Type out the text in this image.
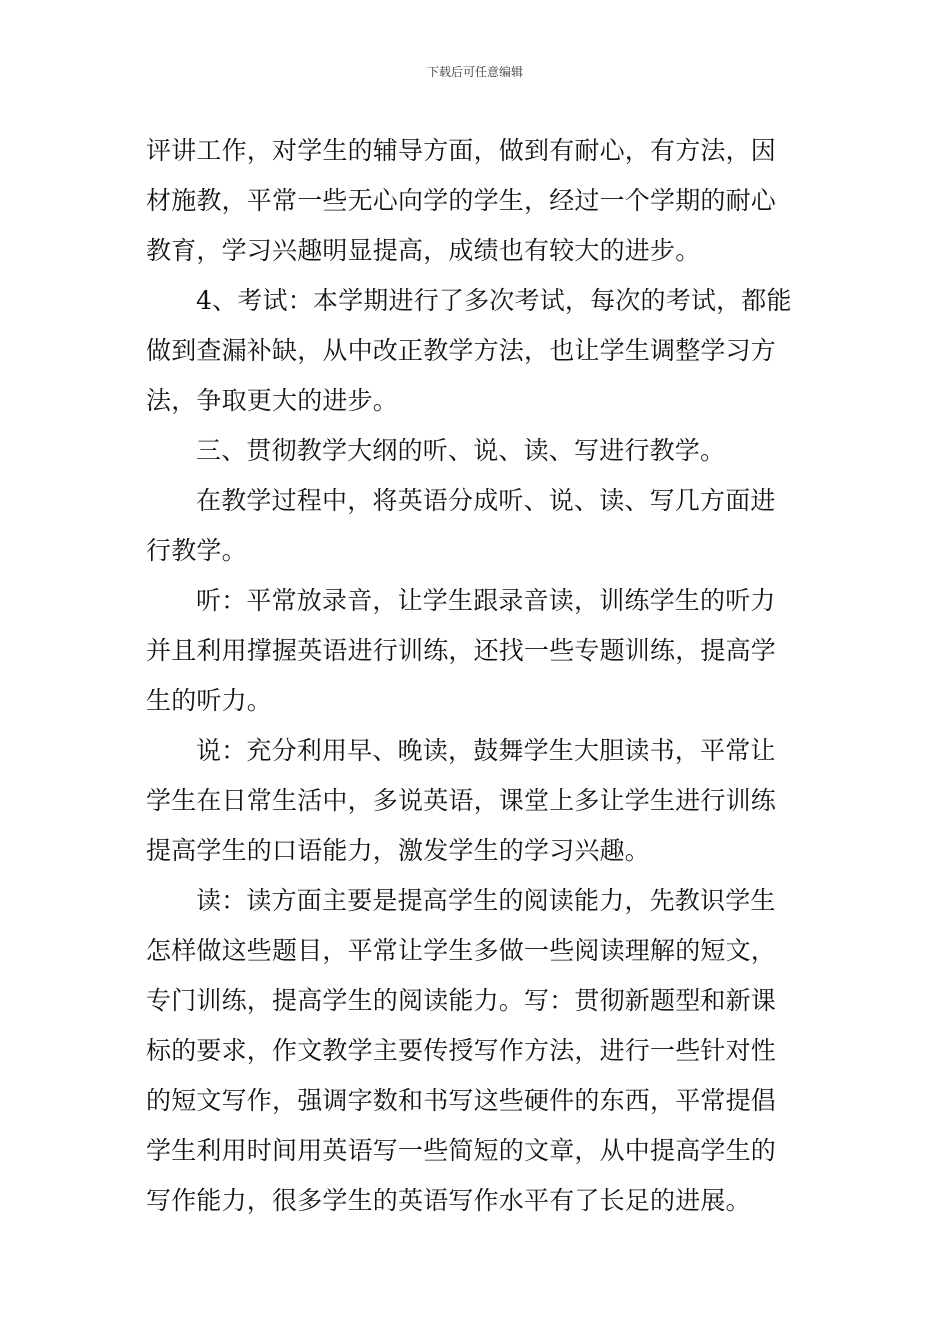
下载后可任意编辑
评讲工作，对学生的辅导方面，做到有耐心，有方法，因
材施教，平常一些无心向学的学生，经过一个学期的耐心
教育，学习兴趣明显提高，成绩也有较大的进步。
4、考试：本学期进行了多次考试，每次的考试，都能
做到查漏补缺，从中改正教学方法，也让学生调整学习方
法，争取更大的进步。
三、贯彻教学大纲的听、说、读、写进行教学。
在教学过程中，将英语分成听、说、读、写几方面进
行教学。
听：平常放录音，让学生跟录音读，训练学生的听力
并且利用撑握英语进行训练，还找一些专题训练，提高学
生的听力。
说：充分利用早、晚读，鼓舞学生大胆读书，平常让
学生在日常生活中，多说英语，课堂上多让学生进行训练
提高学生的口语能力，激发学生的学习兴趣。
读：读方面主要是提高学生的阅读能力，先教识学生
怎样做这些题目，平常让学生多做一些阅读理解的短文，
专门训练，提高学生的阅读能力。写：贯彻新题型和新课
标的要求，作文教学主要传授写作方法，进行一些针对性
的短文写作，强调字数和书写这些硬件的东西，平常提倡
学生利用时间用英语写一些简短的文章，从中提高学生的
写作能力，很多学生的英语写作水平有了长足的进展。
